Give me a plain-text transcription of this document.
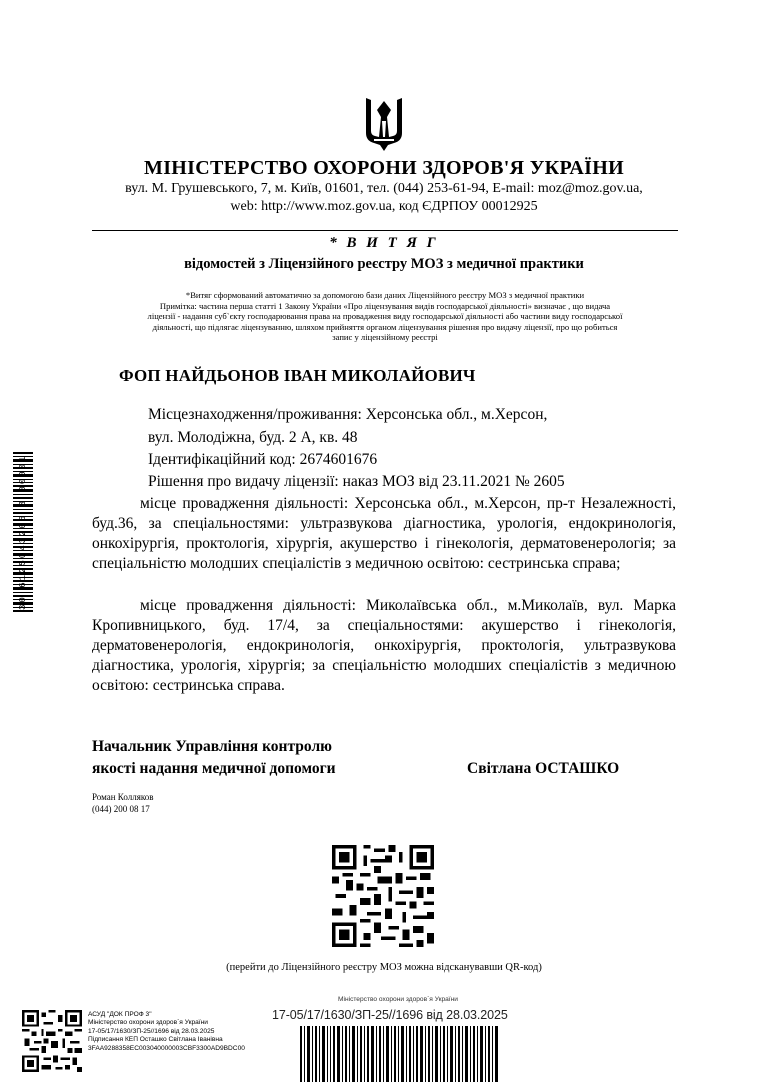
МІНІСТЕРСТВО ОХОРОНИ ЗДОРОВ'Я УКРАЇНИ
вул. М. Грушевського, 7, м. Київ, 01601, тел. (044) 253-61-94, E-mail: moz@moz.gov.ua,
web: http://www.moz.gov.ua, код ЄДРПОУ 00012925
* В И Т Я Г
відомостей з Ліцензійного реєстру МОЗ з медичної практики
*Витяг сформований автоматично за допомогою бази даних Ліцензійного реєстру МОЗ з медичної практики
Примітка: частина перша статті 1 Закону України «Про ліцензування видів господарської діяльності» визначає , що видача
ліцензії - надання суб`єкту господарювання права на провадження виду господарської діяльності або частини виду господарської
діяльності, що підлягає ліцензуванню, шляхом прийняття органом ліцензування рішення про видачу ліцензії, про що робиться
запис у ліцензійному реєстрі
ФОП НАЙДЬОНОВ ІВАН МИКОЛАЙОВИЧ
Місцезнаходження/проживання: Херсонська обл., м.Херсон,
вул. Молодіжна, буд. 2 А, кв. 48
Ідентифікаційний код: 2674601676
Рішення про видачу ліцензії: наказ МОЗ від 23.11.2021 № 2605
місце провадження діяльності: Херсонська обл., м.Херсон, пр-т Незалежності, буд.36, за спеціальностями: ультразвукова діагностика, урологія, ендокринологія, онкохірургія, проктологія, хірургія, акушерство і гінекологія, дерматовенерологія; за спеціальністю молодших спеціалістів з медичною освітою: сестринська справа;
місце провадження діяльності: Миколаївська обл., м.Миколаїв, вул. Марка Кропивницького, буд. 17/4, за спеціальностями: акушерство і гінекологія, дерматовенерологія, ендокринологія, онкохірургія, проктологія, ультразвукова діагностика, урологія, хірургія; за спеціальністю молодших спеціалістів з медичною освітою: сестринська справа.
Начальник Управління контролю
якості надання медичної допомоги	Світлана ОСТАШКО
Роман Колляков
(044) 200 08 17
(перейти до Ліцензійного реєстру МОЗ можна відсканувавши QR-код)
30 6125043206 3 00001
АСУД "ДОК ПРОФ 3"
Міністерство охорони здоров`я України
17-05/17/1630/ЗП-25//1696 від 28.03.2025
Підписання КЕП Осташко Світлана Іванівна
3FAA9288358EC003040000003CBF3300AD9BDC00
Міністерство охорони здоров`я України
17-05/17/1630/ЗП-25//1696 від 28.03.2025
